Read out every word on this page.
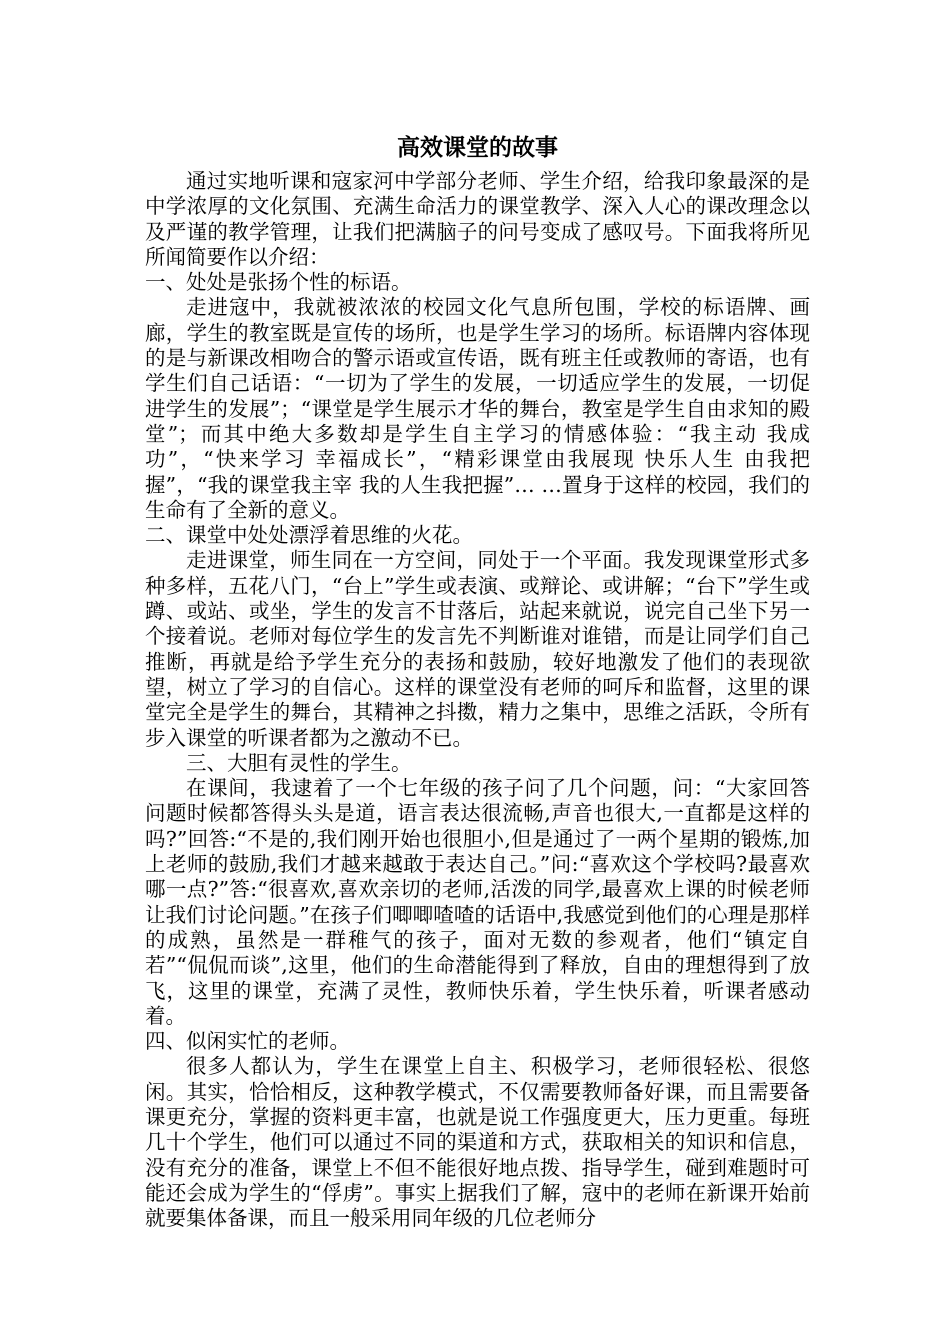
高效课堂的故事
通过实地听课和寇家河中学部分老师、学生介绍，给我印象最深的是中学浓厚的文化氛围、充满生命活力的课堂教学、深入人心的课改理念以及严谨的教学管理，让我们把满脑子的问号变成了感叹号。下面我将所见所闻简要作以介绍：
一、处处是张扬个性的标语。
走进寇中，我就被浓浓的校园文化气息所包围，学校的标语牌、画廊，学生的教室既是宣传的场所，也是学生学习的场所。标语牌内容体现的是与新课改相吻合的警示语或宣传语，既有班主任或教师的寄语，也有学生们自己话语：“一切为了学生的发展，一切适应学生的发展，一切促进学生的发展”；“课堂是学生展示才华的舞台，教室是学生自由求知的殿堂”；而其中绝大多数却是学生自主学习的情感体验：“我主动 我成功”，“快来学习 幸福成长”，“精彩课堂由我展现 快乐人生 由我把握”，“我的课堂我主宰 我的人生我把握”… …置身于这样的校园，我们的生命有了全新的意义。
二、课堂中处处漂浮着思维的火花。
走进课堂，师生同在一方空间，同处于一个平面。我发现课堂形式多种多样，五花八门，“台上”学生或表演、或辩论、或讲解；“台下”学生或蹲、或站、或坐，学生的发言不甘落后，站起来就说，说完自己坐下另一个接着说。老师对每位学生的发言先不判断谁对谁错，而是让同学们自己推断，再就是给予学生充分的表扬和鼓励，较好地激发了他们的表现欲望，树立了学习的自信心。这样的课堂没有老师的呵斥和监督，这里的课堂完全是学生的舞台，其精神之抖擞，精力之集中，思维之活跃，令所有步入课堂的听课者都为之激动不已。
三、大胆有灵性的学生。
在课间，我逮着了一个七年级的孩子问了几个问题，问：“大家回答问题时候都答得头头是道，语言表达很流畅,声音也很大,一直都是这样的吗?”回答:“不是的,我们刚开始也很胆小,但是通过了一两个星期的锻炼,加上老师的鼓励,我们才越来越敢于表达自己。”问:“喜欢这个学校吗?最喜欢哪一点?”答:“很喜欢,喜欢亲切的老师,活泼的同学,最喜欢上课的时候老师让我们讨论问题。”在孩子们唧唧喳喳的话语中,我感觉到他们的心理是那样的成熟，虽然是一群稚气的孩子，面对无数的参观者，他们“镇定自若”“侃侃而谈”,这里，他们的生命潜能得到了释放，自由的理想得到了放飞，这里的课堂，充满了灵性，教师快乐着，学生快乐着，听课者感动着。
四、似闲实忙的老师。
很多人都认为，学生在课堂上自主、积极学习，老师很轻松、很悠闲。其实，恰恰相反，这种教学模式，不仅需要教师备好课，而且需要备课更充分，掌握的资料更丰富，也就是说工作强度更大，压力更重。每班几十个学生，他们可以通过不同的渠道和方式，获取相关的知识和信息，没有充分的准备，课堂上不但不能很好地点拨、指导学生，碰到难题时可能还会成为学生的“俘虏”。事实上据我们了解，寇中的老师在新课开始前就要集体备课，而且一般采用同年级的几位老师分
